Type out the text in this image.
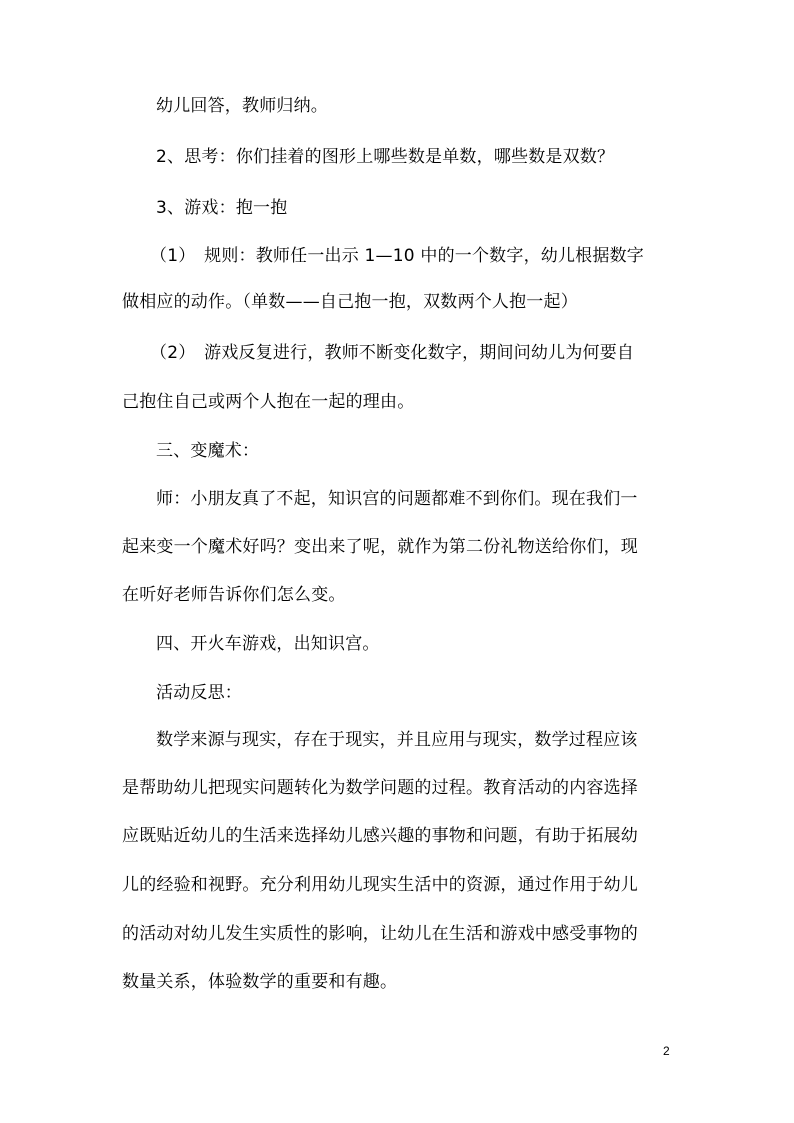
幼儿回答，教师归纳。
2、思考：你们挂着的图形上哪些数是单数，哪些数是双数？
3、游戏：抱一抱
（1）　规则：教师任一出示 1—10 中的一个数字，幼儿根据数字
做相应的动作。（单数——自己抱一抱，双数两个人抱一起）
（2）　游戏反复进行，教师不断变化数字，期间问幼儿为何要自
己抱住自己或两个人抱在一起的理由。
三、变魔术：
师：小朋友真了不起，知识宫的问题都难不到你们。现在我们一
起来变一个魔术好吗？变出来了呢，就作为第二份礼物送给你们，现
在听好老师告诉你们怎么变。
四、开火车游戏，出知识宫。
活动反思：
数学来源与现实，存在于现实，并且应用与现实，数学过程应该
是帮助幼儿把现实问题转化为数学问题的过程。教育活动的内容选择
应既贴近幼儿的生活来选择幼儿感兴趣的事物和问题，有助于拓展幼
儿的经验和视野。充分利用幼儿现实生活中的资源，通过作用于幼儿
的活动对幼儿发生实质性的影响，让幼儿在生活和游戏中感受事物的
数量关系，体验数学的重要和有趣。
2
